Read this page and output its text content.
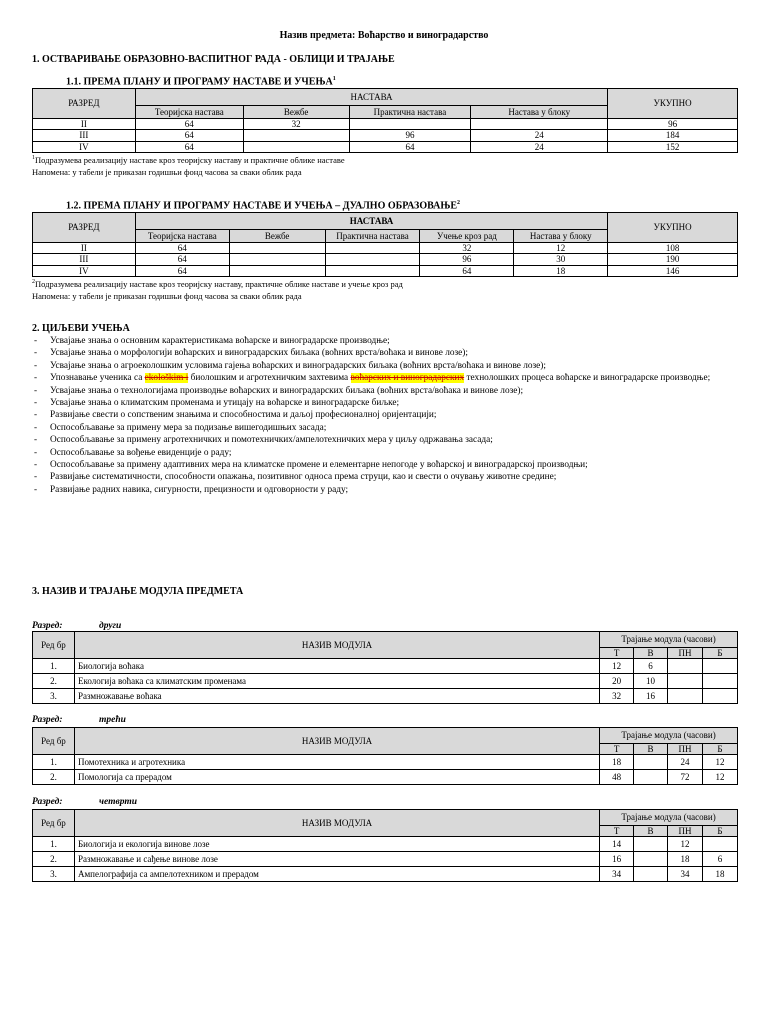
Назив предмета: Воћарство и виноградарство
1. ОСТВАРИВАЊЕ ОБРАЗОВНО-ВАСПИТНОГ РАДА - ОБЛИЦИ И ТРАЈАЊЕ
1.1. ПРЕМА ПЛАНУ И ПРОГРАМУ НАСТАВЕ И УЧЕЊА$^1$
РАЗРЕД	НАСТАВА				УКУПНО
	Теоријска настава	Вежбе	Практична настава	Настава у блоку	
II	64	32			96
III	64		96	24	184
IV	64		64	24	152
$^1$Подразумева реализацију наставе кроз теоријску наставу и практичне облике наставе
Напомена: у табели је приказан годишњи фонд часова за сваки облик рада
1.2. ПРЕМА ПЛАНУ И ПРОГРАМУ НАСТАВЕ И УЧЕЊА – ДУАЛНО ОБРАЗОВАЊЕ$^2$
РАЗРЕД	НАСТАВА					УКУПНО
	Теоријска настава	Вежбе	Практична настава	Учење кроз рад	Настава у блоку	
II	64			32	12	108
III	64			96	30	190
IV	64			64	18	146
$^2$Подразумева реализацију наставе кроз теоријску наставу, практичне облике наставе и учење кроз рад
Напомена: у табели је приказан годишњи фонд часова за сваки облик рада
2. ЦИЉЕВИ УЧЕЊА
- Усвајање знања о основним карактеристикама воћарске и виноградарске производње;
- Усвајање знања о морфологији воћарских и виноградарских биљака (воћних врста/воћака и винове лозе);
- Усвајање знања о агроеколошким условима гајења воћарских и виноградарских биљака (воћних врста/воћака и винове лозе);
- Упознавање ученика са ekološkim i биолошким и агротехничким захтевима воћарских и виноградарских технолошких процеса воћарске и виноградарске производње;
- Усвајање знања о технологијама производње воћарских и виноградарских биљака (воћних врста/воћака и винове лозе);
- Усвајање знања о климатским променама и утицају на воћарске и виноградарске биљке;
- Развијање свести о сопственим знањима и способностима и даљој професионалној оријентацији;
- Оспособљавање за примену мера за подизање вишегодишњих засада;
- Оспособљавање за примену агротехничких и помотехничких/ампелотехничких мера у циљу одржавања засада;
- Оспособљавање за вођење евиденције о раду;
- Оспособљавање за примену адаптивних мера на климатске промене и елементарне непогоде у воћарској и виноградарској производњи;
- Развијање систематичности, способности опажања, позитивног односа према струци, као и свести о очувању животне средине;
- Развијање радних навика, сигурности, прецизности и одговорности у раду;
3. НАЗИВ И ТРАЈАЊЕ МОДУЛА ПРЕДМЕТА
Разред:	други
Ред бр	НАЗИВ МОДУЛА	Трајање модула (часови)			
		Т	В	ПН	Б
1.	Биологија воћака	12	6		
2.	Екологија воћака са климатским променама	20	10		
3.	Размножавање воћака	32	16		
Разред:	трећи
Ред бр	НАЗИВ МОДУЛА	Трајање модула (часови)			
		Т	В	ПН	Б
1.	Помотехника и агротехника	18		24	12
2.	Помологија са прерадом	48		72	12
Разред:	четврти
Ред бр	НАЗИВ МОДУЛА	Трајање модула (часови)			
		Т	В	ПН	Б
1.	Биологија и екологија винове лозе	14		12	
2.	Размножавање и сађење винове лозе	16		18	6
3.	Ампелографија са ампелотехником и прерадом	34		34	18
